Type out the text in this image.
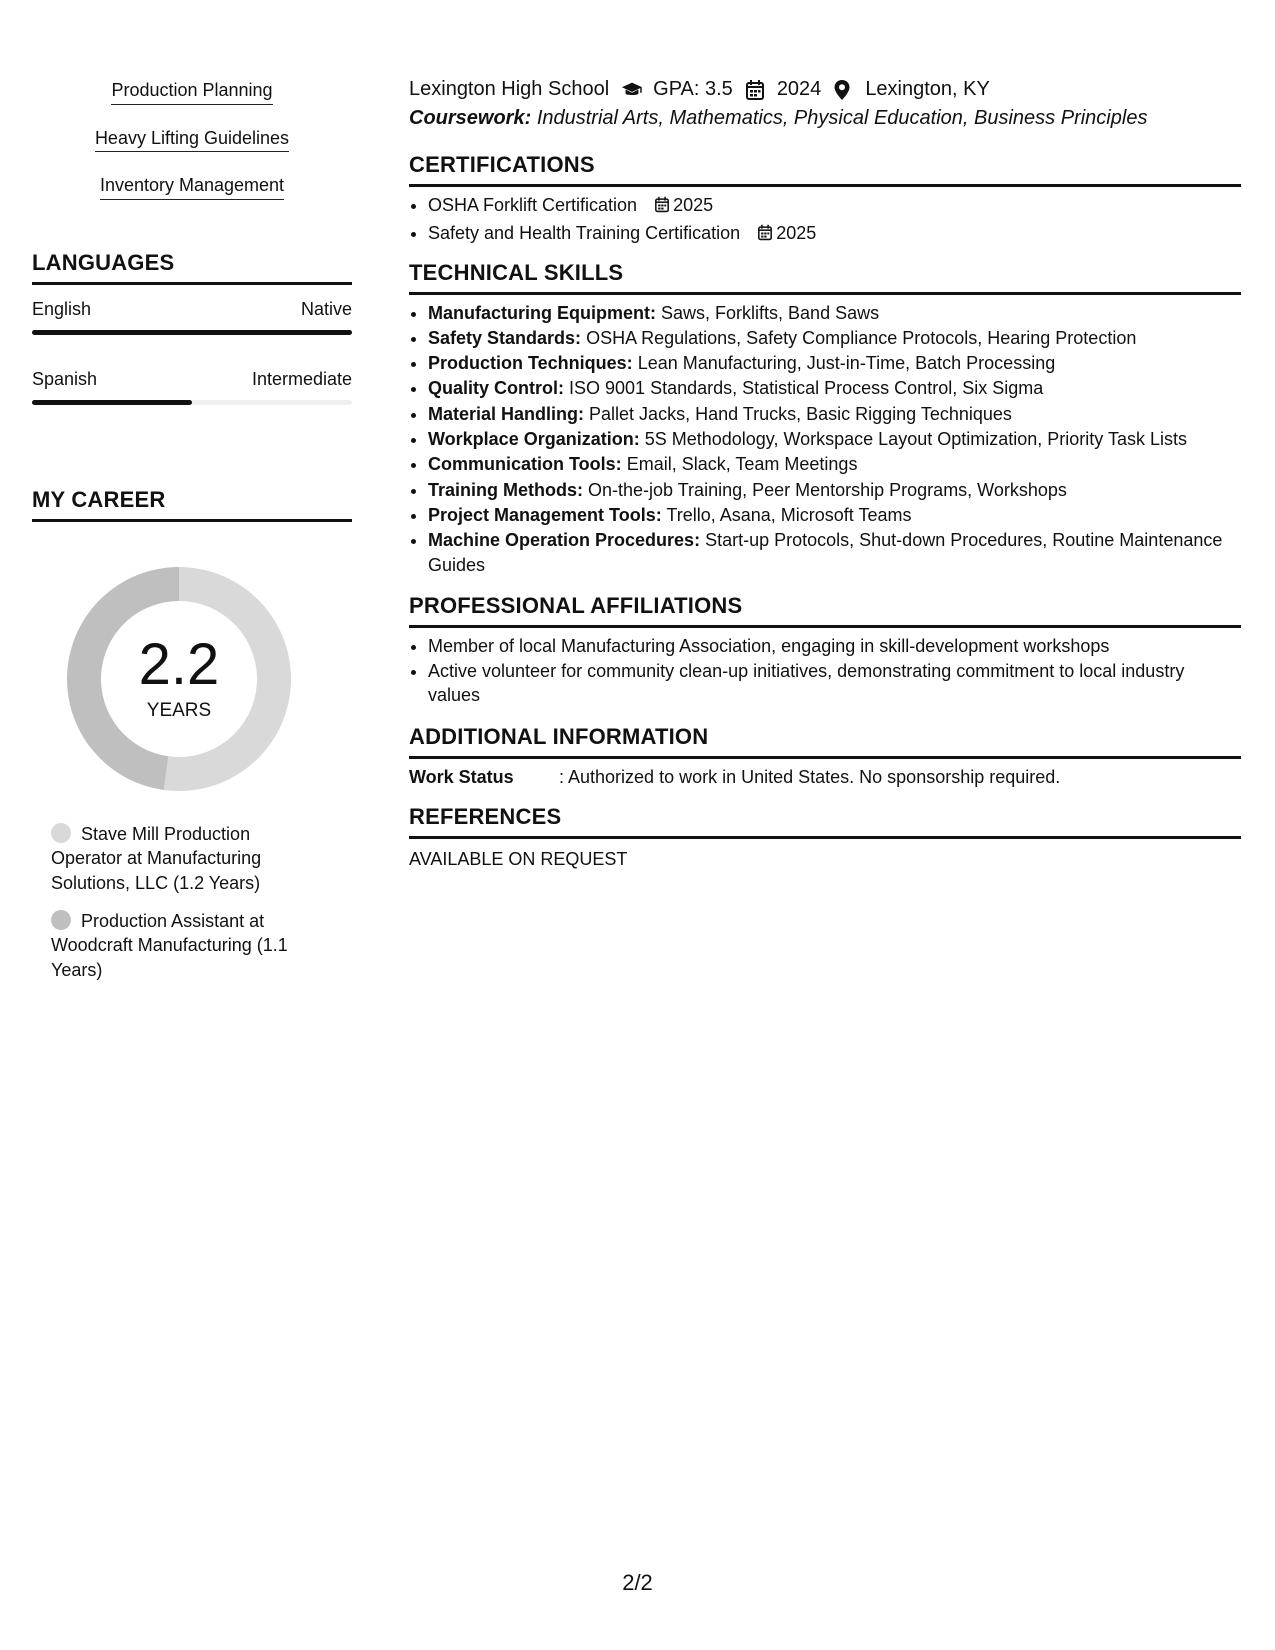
Production Planning
Heavy Lifting Guidelines
Inventory Management
LANGUAGES
English	Native
Spanish	Intermediate
MY CAREER
2.2
YEARS
Stave Mill Production Operator at Manufacturing Solutions, LLC (1.2 Years)
Production Assistant at Woodcraft Manufacturing (1.1 Years)
Lexington High School GPA: 3.5 2024 Lexington, KY
Coursework: Industrial Arts, Mathematics, Physical Education, Business Principles
CERTIFICATIONS
• OSHA Forklift Certification 2025
• Safety and Health Training Certification 2025
TECHNICAL SKILLS
• Manufacturing Equipment: Saws, Forklifts, Band Saws
• Safety Standards: OSHA Regulations, Safety Compliance Protocols, Hearing Protection
• Production Techniques: Lean Manufacturing, Just-in-Time, Batch Processing
• Quality Control: ISO 9001 Standards, Statistical Process Control, Six Sigma
• Material Handling: Pallet Jacks, Hand Trucks, Basic Rigging Techniques
• Workplace Organization: 5S Methodology, Workspace Layout Optimization, Priority Task Lists
• Communication Tools: Email, Slack, Team Meetings
• Training Methods: On-the-job Training, Peer Mentorship Programs, Workshops
• Project Management Tools: Trello, Asana, Microsoft Teams
• Machine Operation Procedures: Start-up Protocols, Shut-down Procedures, Routine Maintenance Guides
PROFESSIONAL AFFILIATIONS
• Member of local Manufacturing Association, engaging in skill-development workshops
• Active volunteer for community clean-up initiatives, demonstrating commitment to local industry values
ADDITIONAL INFORMATION
Work Status	: Authorized to work in United States. No sponsorship required.
REFERENCES
AVAILABLE ON REQUEST
2/2
